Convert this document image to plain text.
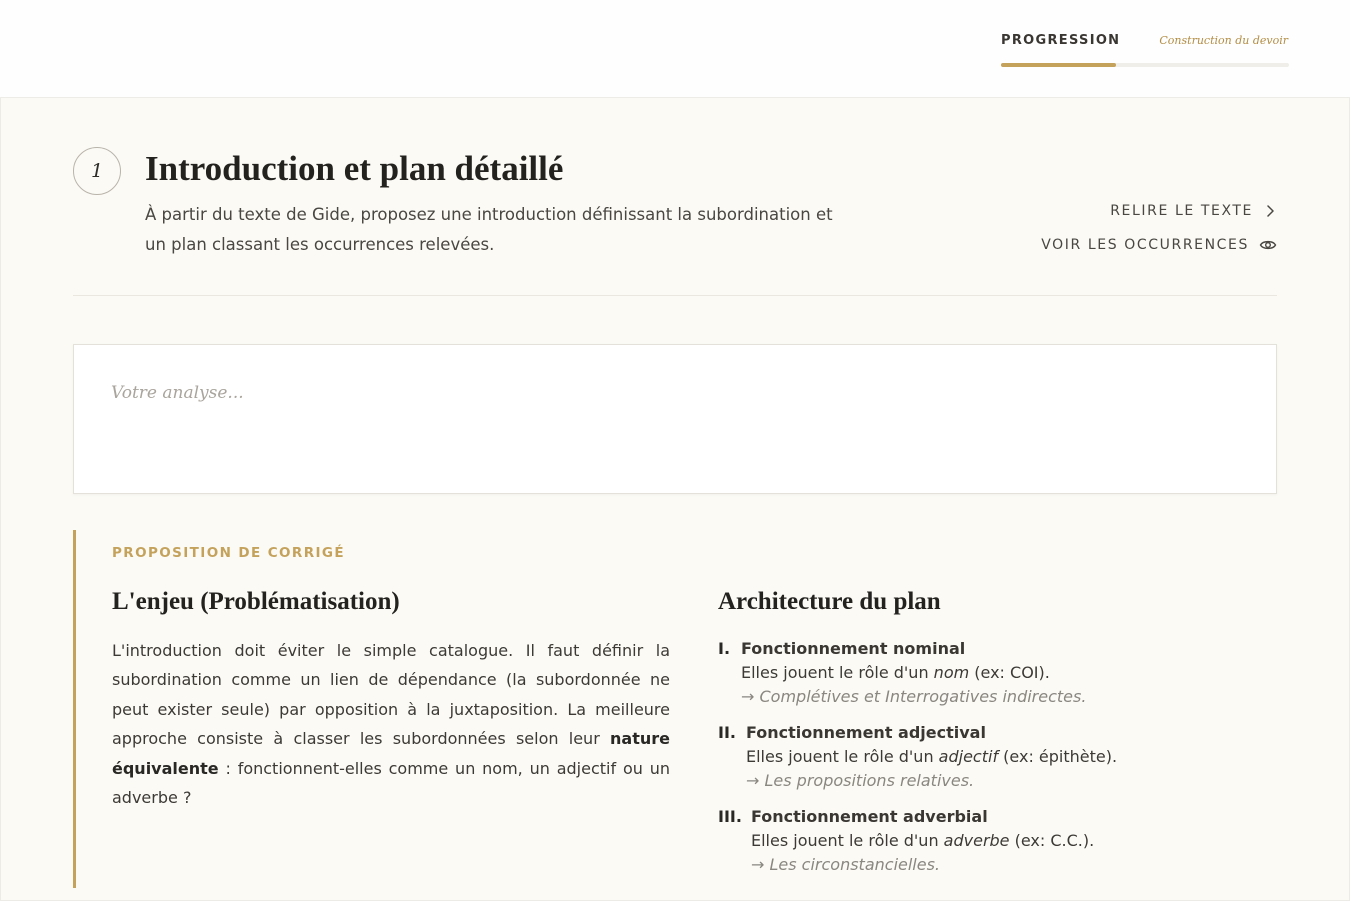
PROGRESSION	Construction du devoir
1	Introduction et plan détaillé

À partir du texte de Gide, proposez une introduction définissant la subordination et un plan classant les occurrences relevées.

RELIRE LE TEXTE
VOIR LES OCCURRENCES
Votre analyse...
PROPOSITION DE CORRIGÉ
L'enjeu (Problématisation)

L'introduction doit éviter le simple catalogue. Il faut définir la subordination comme un lien de dépendance (la subordonnée ne peut exister seule) par opposition à la juxtaposition. La meilleure approche consiste à classer les subordonnées selon leur nature équivalente : fonctionnent-elles comme un nom, un adjectif ou un adverbe ?

Architecture du plan
I. Fonctionnement nominal
Elles jouent le rôle d'un nom (ex: COI).
→ Complétives et Interrogatives indirectes.
II. Fonctionnement adjectival
Elles jouent le rôle d'un adjectif (ex: épithète).
→ Les propositions relatives.
III. Fonctionnement adverbial
Elles jouent le rôle d'un adverbe (ex: C.C.).
→ Les circonstancielles.
